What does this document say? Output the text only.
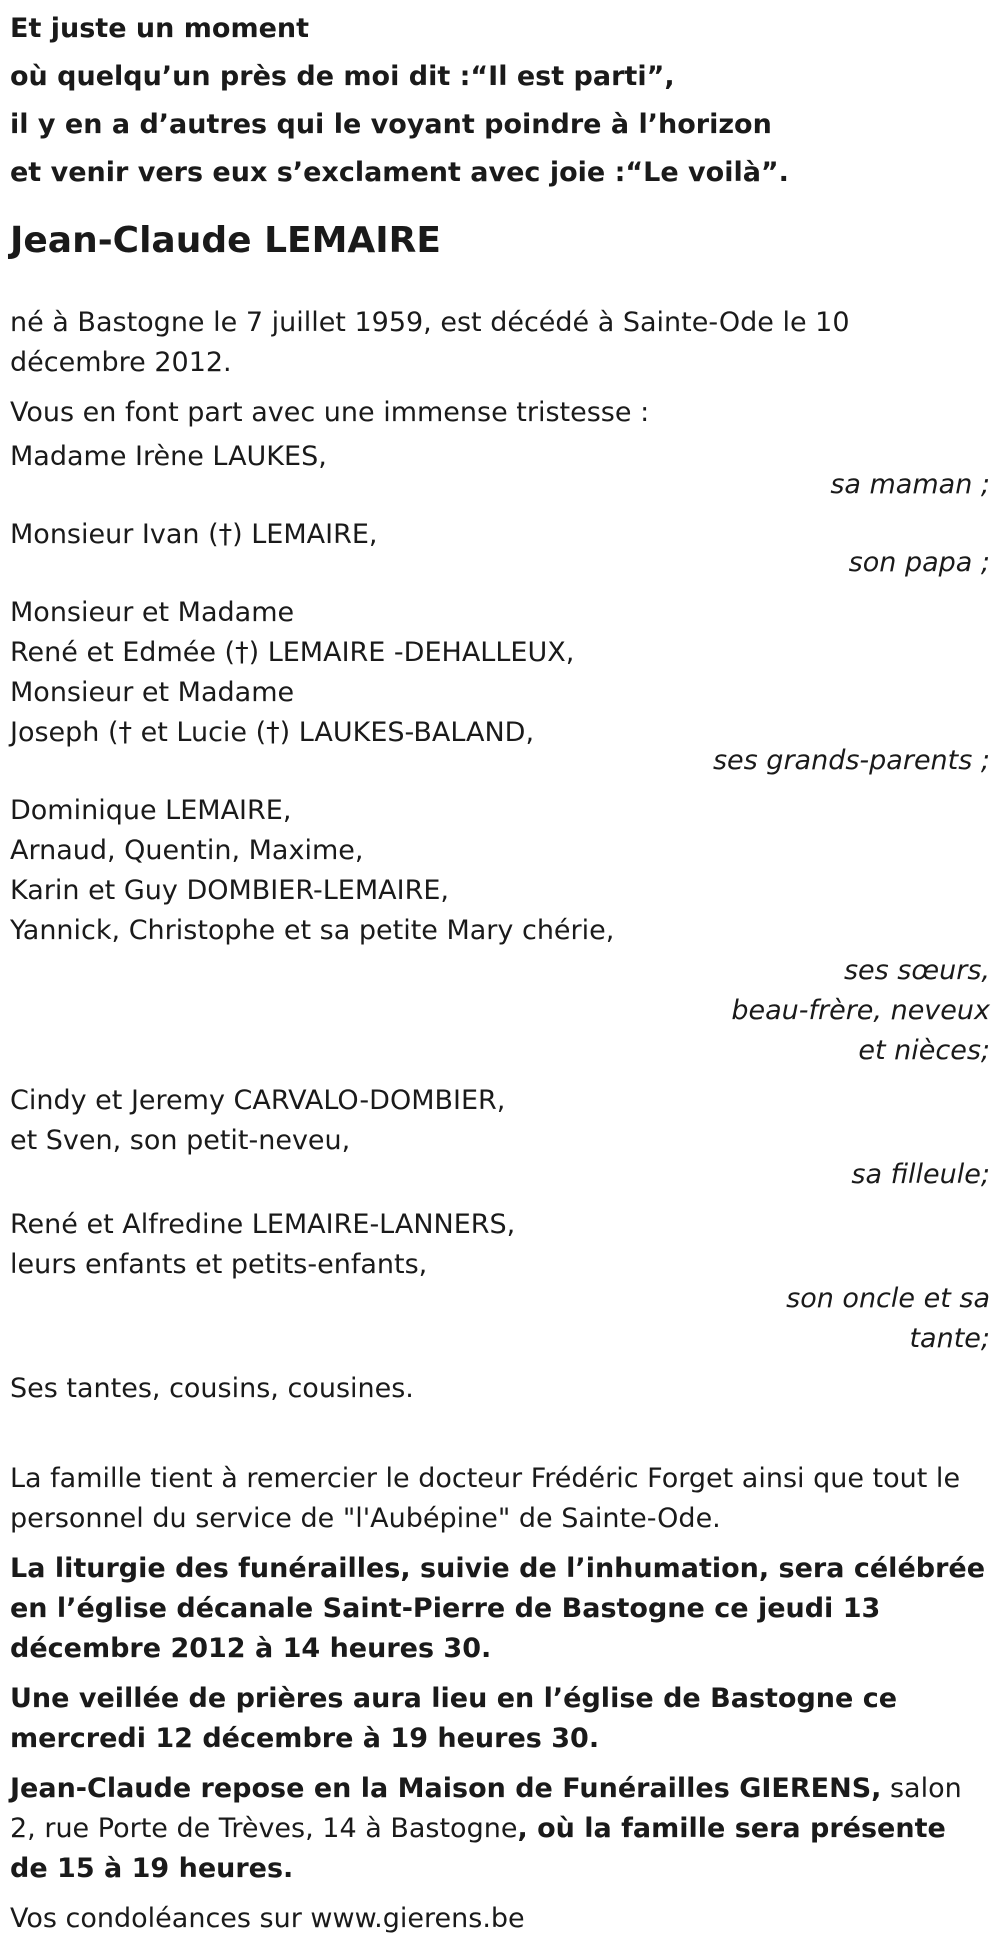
Et juste un moment
où quelqu’un près de moi dit :“Il est parti”,
il y en a d’autres qui le voyant poindre à l’horizon
et venir vers eux s’exclament avec joie :“Le voilà”.
Jean-Claude LEMAIRE

né à Bastogne le 7 juillet 1959, est décédé à Sainte-Ode le 10 décembre 2012.

Vous en font part avec une immense tristesse :

Madame Irène LAUKES,
sa maman ;
Monsieur Ivan (†) LEMAIRE,
son papa ;
Monsieur et Madame
René et Edmée (†) LEMAIRE -DEHALLEUX,
Monsieur et Madame
Joseph († et Lucie (†) LAUKES-BALAND,
ses grands-parents ;
Dominique LEMAIRE,
Arnaud, Quentin, Maxime,
Karin et Guy DOMBIER-LEMAIRE,
Yannick, Christophe et sa petite Mary chérie,
ses sœurs,
beau-frère, neveux
et nièces;
Cindy et Jeremy CARVALO-DOMBIER,
et Sven, son petit-neveu,
sa filleule;
René et Alfredine LEMAIRE-LANNERS,
leurs enfants et petits-enfants,
son oncle et sa
tante;

Ses tantes, cousins, cousines.

La famille tient à remercier le docteur Frédéric Forget ainsi que tout le personnel du service de "l'Aubépine" de Sainte-Ode.

La liturgie des funérailles, suivie de l’inhumation, sera célébrée en l’église décanale Saint-Pierre de Bastogne ce jeudi 13 décembre 2012 à 14 heures 30.

Une veillée de prières aura lieu en l’église de Bastogne ce mercredi 12 décembre à 19 heures 30.

Jean-Claude repose en la Maison de Funérailles GIERENS, salon 2, rue Porte de Trèves, 14 à Bastogne, où la famille sera présente de 15 à 19 heures.

Vos condoléances sur www.gierens.be
